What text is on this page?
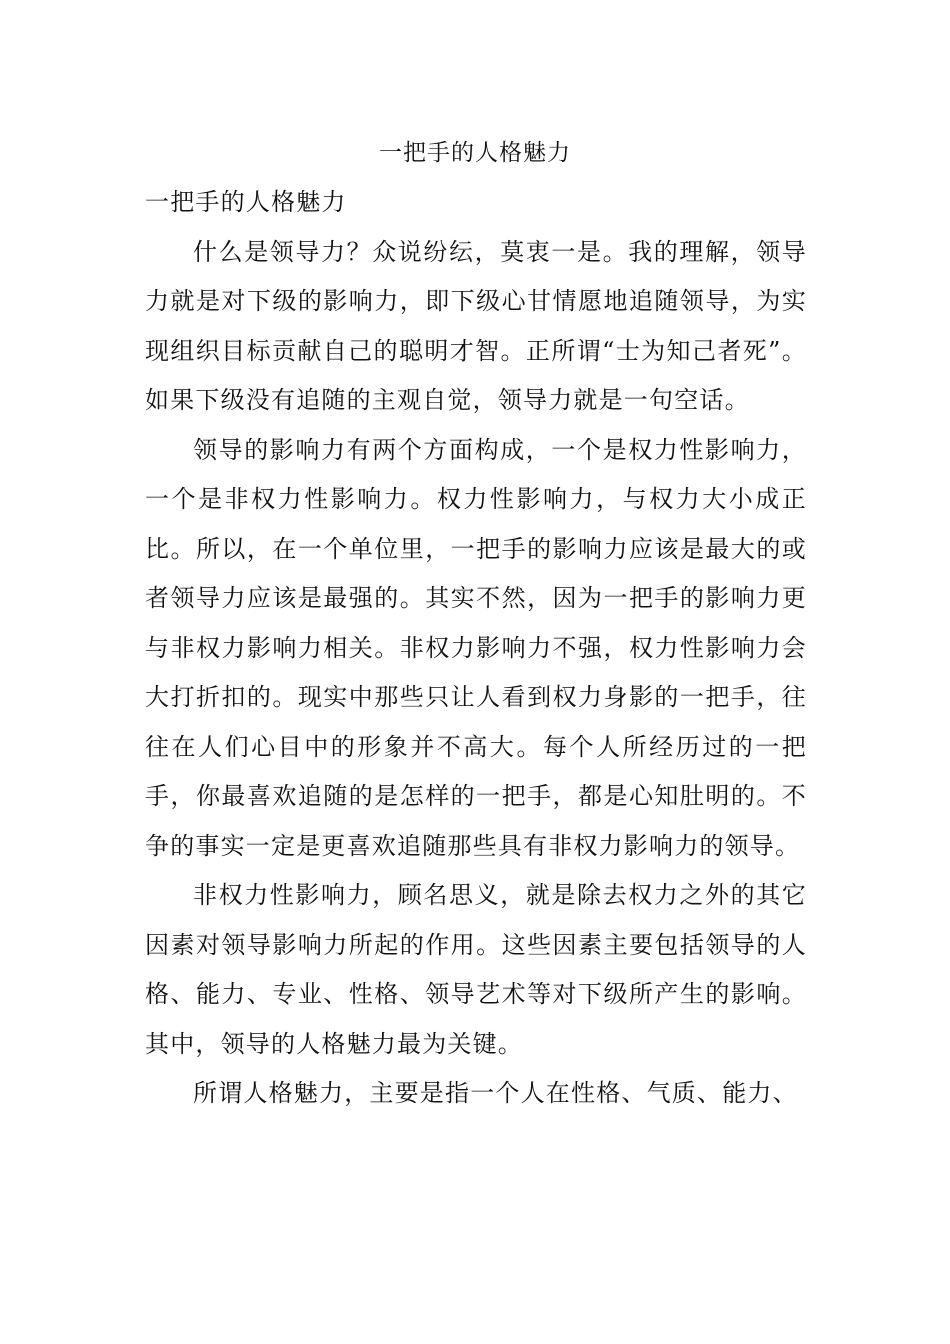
一把手的人格魅力
一把手的人格魅力

什么是领导力？众说纷纭，莫衷一是。我的理解，领导力就是对下级的影响力，即下级心甘情愿地追随领导，为实现组织目标贡献自己的聪明才智。正所谓“士为知己者死”。如果下级没有追随的主观自觉，领导力就是一句空话。

领导的影响力有两个方面构成，一个是权力性影响力，一个是非权力性影响力。权力性影响力，与权力大小成正比。所以，在一个单位里，一把手的影响力应该是最大的或者领导力应该是最强的。其实不然，因为一把手的影响力更与非权力影响力相关。非权力影响力不强，权力性影响力会大打折扣的。现实中那些只让人看到权力身影的一把手，往往在人们心目中的形象并不高大。每个人所经历过的一把手，你最喜欢追随的是怎样的一把手，都是心知肚明的。不争的事实一定是更喜欢追随那些具有非权力影响力的领导。

非权力性影响力，顾名思义，就是除去权力之外的其它因素对领导影响力所起的作用。这些因素主要包括领导的人格、能力、专业、性格、领导艺术等对下级所产生的影响。其中，领导的人格魅力最为关键。

所谓人格魅力，主要是指一个人在性格、气质、能力、
